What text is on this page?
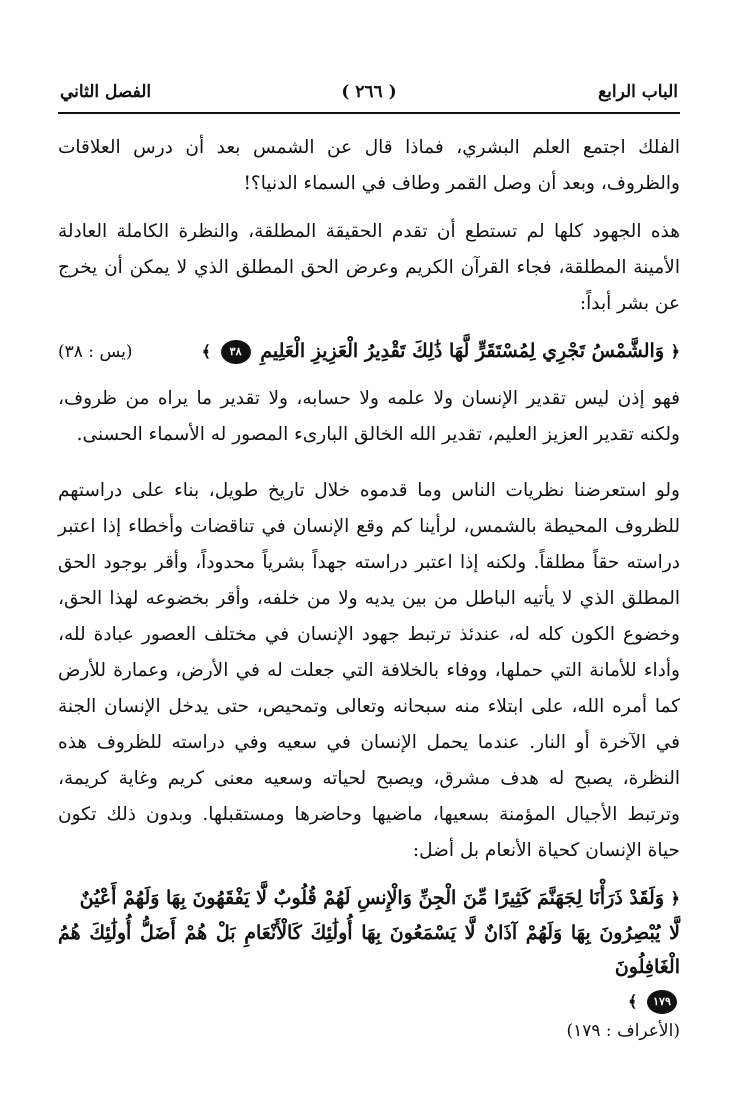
الباب الرابع
( ٢٦٦ )
الفصل الثاني

الفلك اجتمع العلم البشري، فماذا قال عن الشمس بعد أن درس العلاقات والظروف، وبعد أن وصل القمر وطاف في السماء الدنيا؟!

هذه الجهود كلها لم تستطع أن تقدم الحقيقة المطلقة، والنظرة الكاملة العادلة الأمينة المطلقة، فجاء القرآن الكريم وعرض الحق المطلق الذي لا يمكن أن يخرج عن بشر أبداً:

﴿ وَالشَّمْسُ تَجْرِي لِمُسْتَقَرٍّ لَّهَا ذَٰلِكَ تَقْدِيرُ الْعَزِيزِ الْعَلِيمِ ٣٨ ﴾
(يس : ٣٨)

فهو إذن ليس تقدير الإنسان ولا علمه ولا حسابه، ولا تقدير ما يراه من ظروف، ولكنه تقدير العزيز العليم، تقدير الله الخالق البارىء المصور له الأسماء الحسنى.

ولو استعرضنا نظريات الناس وما قدموه خلال تاريخ طويل، بناء على دراستهم للظروف المحيطة بالشمس، لرأينا كم وقع الإنسان في تناقضات وأخطاء إذا اعتبر دراسته حقاً مطلقاً. ولكنه إذا اعتبر دراسته جهداً بشرياً محدوداً، وأقر بوجود الحق المطلق الذي لا يأتيه الباطل من بين يديه ولا من خلفه، وأقر بخضوعه لهذا الحق، وخضوع الكون كله له، عندئذ ترتبط جهود الإنسان في مختلف العصور عبادة لله، وأداء للأمانة التي حملها، ووفاء بالخلافة التي جعلت له في الأرض، وعمارة للأرض كما أمره الله، على ابتلاء منه سبحانه وتعالى وتمحيص، حتى يدخل الإنسان الجنة في الآخرة أو النار. عندما يحمل الإنسان في سعيه وفي دراسته للظروف هذه النظرة، يصبح له هدف مشرق، ويصبح لحياته وسعيه معنى كريم وغاية كريمة، وترتبط الأجيال المؤمنة بسعيها، ماضيها وحاضرها ومستقبلها. وبدون ذلك تكون حياة الإنسان كحياة الأنعام بل أضل:

﴿ وَلَقَدْ ذَرَأْنَا لِجَهَنَّمَ كَثِيرًا مِّنَ الْجِنِّ وَالْإِنسِ لَهُمْ قُلُوبٌ لَّا يَفْقَهُونَ بِهَا وَلَهُمْ أَعْيُنٌ
لَّا يُبْصِرُونَ بِهَا وَلَهُمْ آذَانٌ لَّا يَسْمَعُونَ بِهَا أُولَٰئِكَ كَالْأَنْعَامِ بَلْ هُمْ أَضَلُّ أُولَٰئِكَ هُمُ الْغَافِلُونَ
١٧٩ ﴾
(الأعراف : ١٧٩)
